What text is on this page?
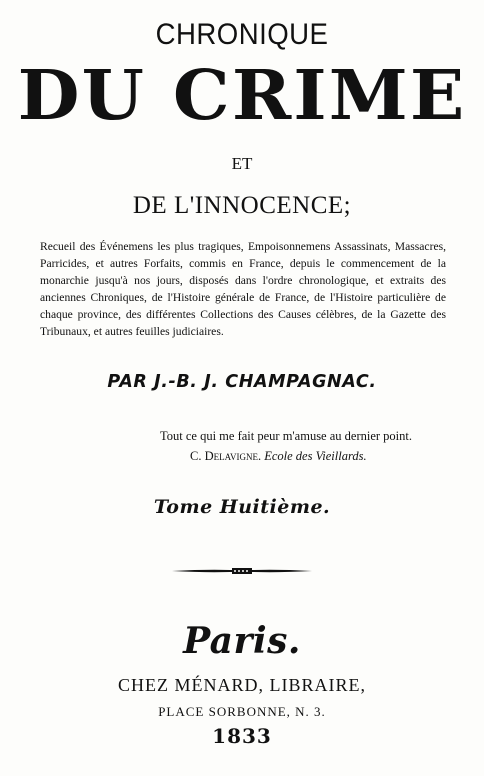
CHRONIQUE
DU CRIME
ET
DE L'INNOCENCE;

Recueil des Événemens les plus tragiques, Empoisonnemens Assassinats, Massacres, Parricides, et autres Forfaits, commis en France, depuis le commencement de la monarchie jusqu'à nos jours, disposés dans l'ordre chronologique, et extraits des anciennes Chroniques, de l'Histoire générale de France, de l'Histoire particulière de chaque province, des différentes Collections des Causes célèbres, de la Gazette des Tribunaux, et autres feuilles judiciaires.

PAR J.-B. J. CHAMPAGNAC.
Tout ce qui me fait peur m'amuse au dernier point.
C. Delavigne. Ecole des Vieillards.
Tome Huitième.
Paris.
CHEZ MÉNARD, LIBRAIRE,
PLACE SORBONNE, N. 3.
1833
